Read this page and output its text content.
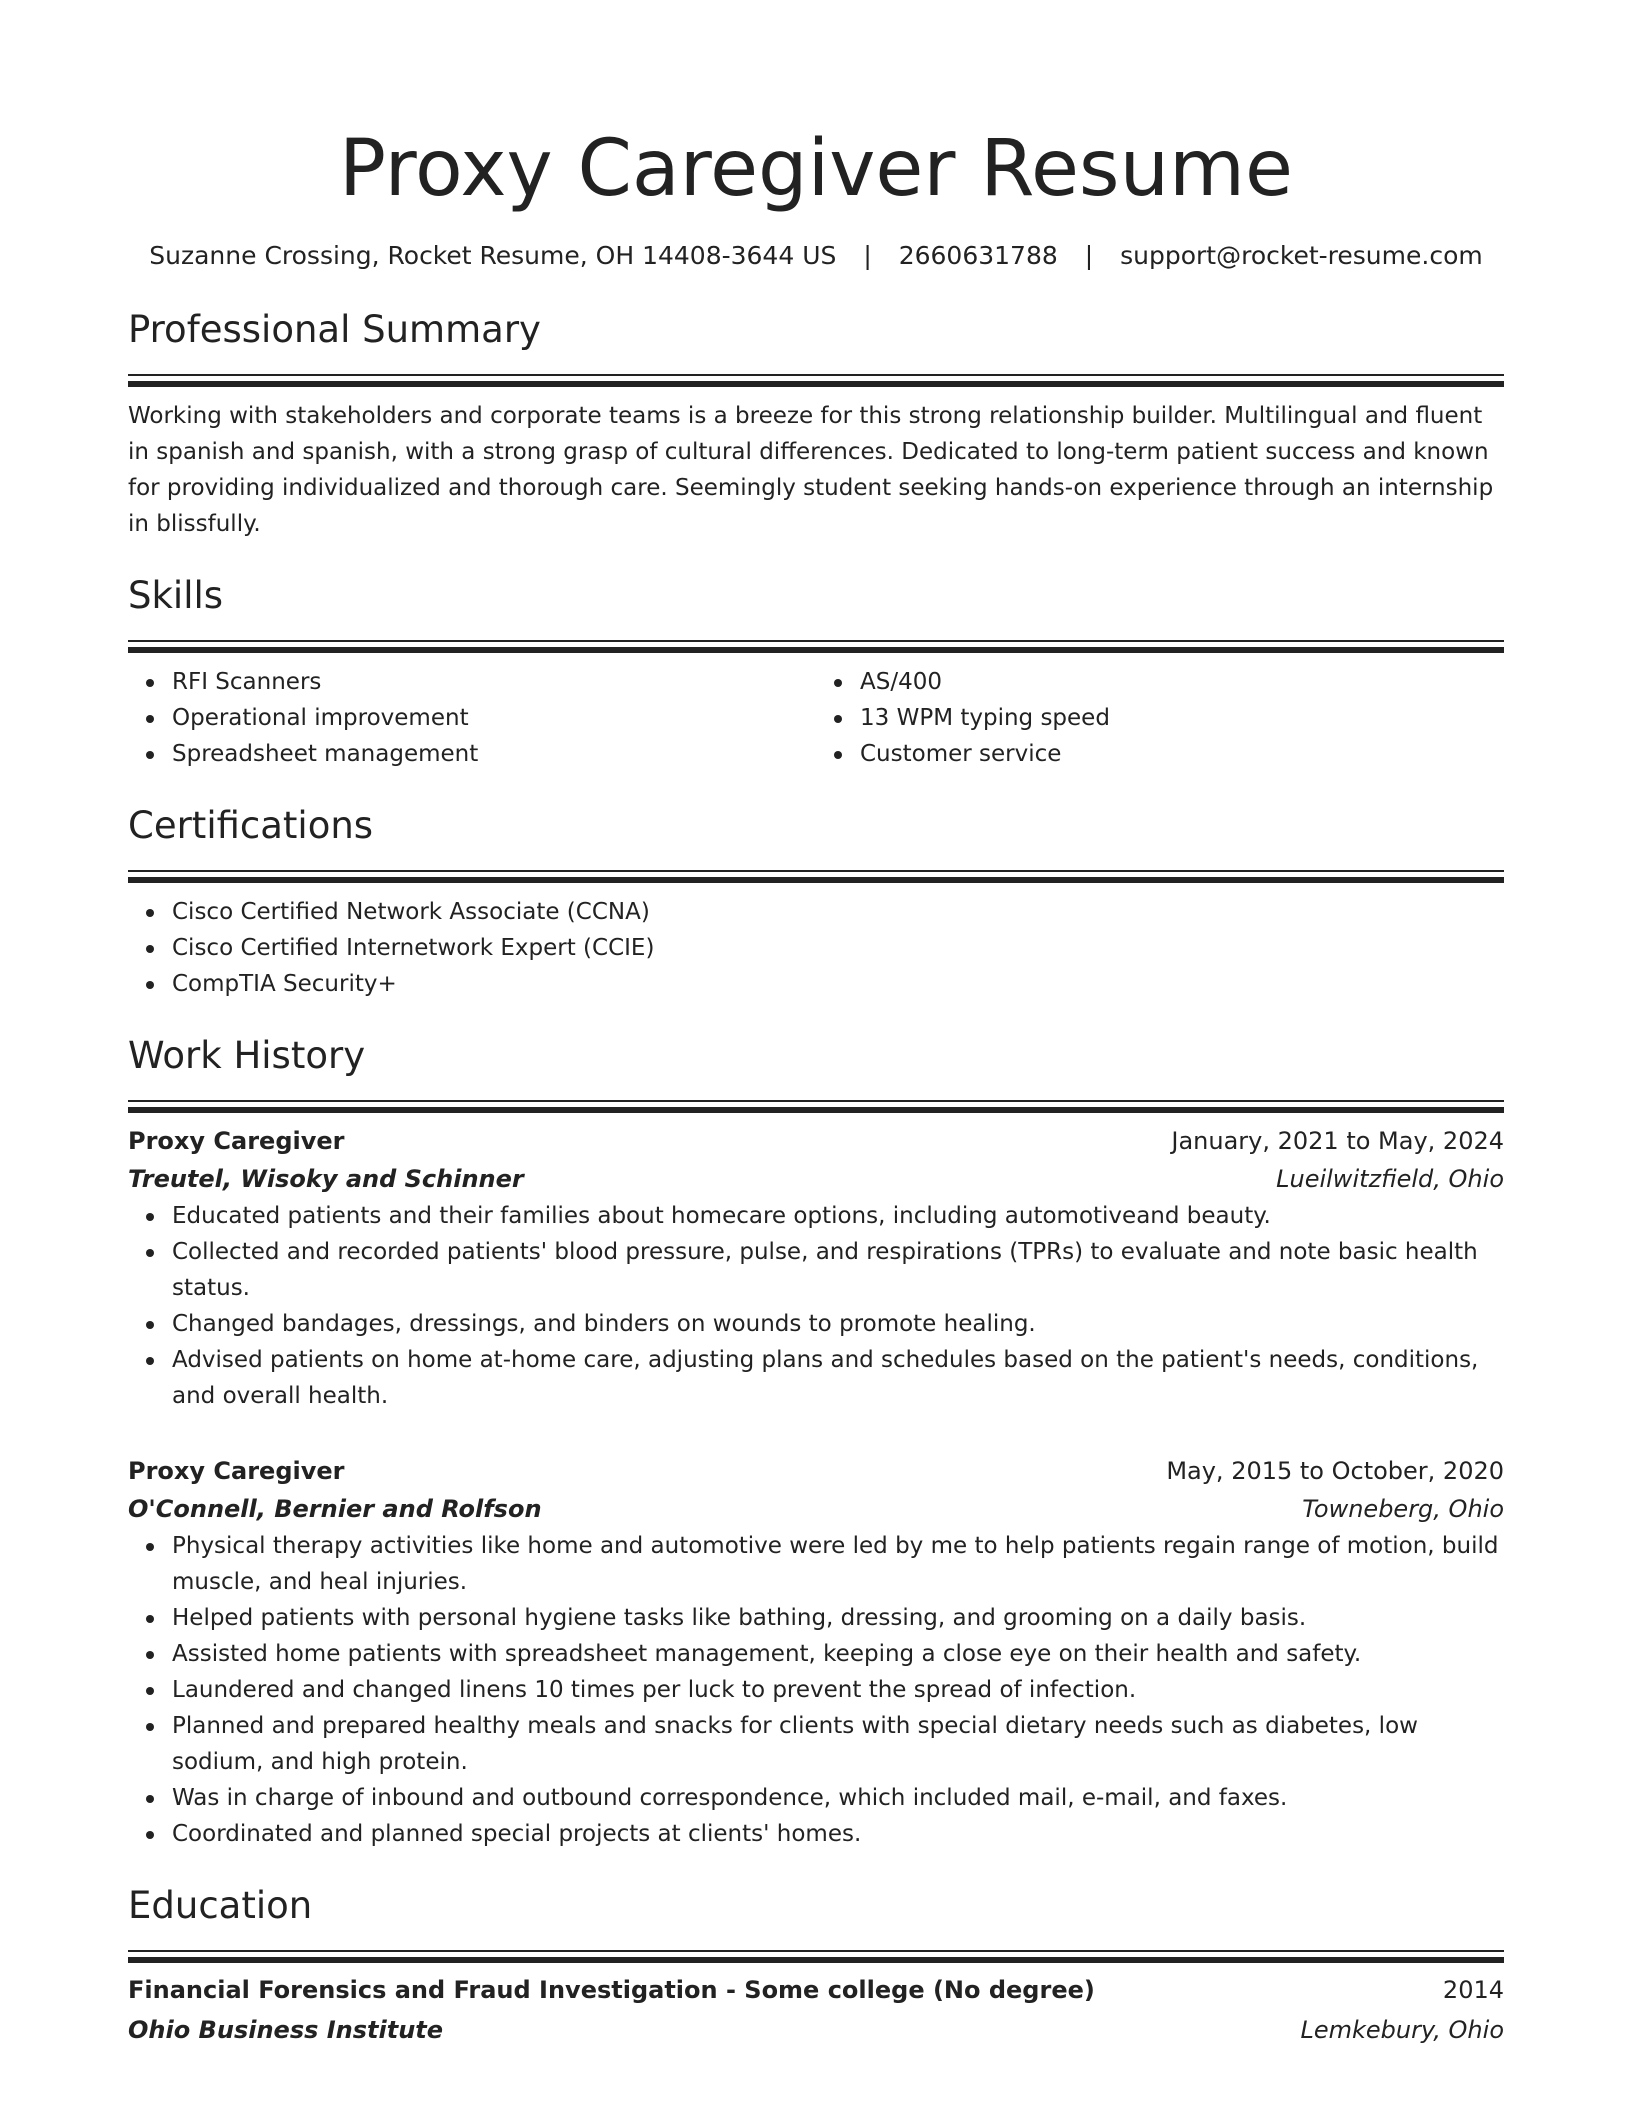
Proxy Caregiver Resume
Suzanne Crossing, Rocket Resume, OH 14408-3644 US | 2660631788 | support@rocket-resume.com
Professional Summary

Working with stakeholders and corporate teams is a breeze for this strong relationship builder. Multilingual and fluent in spanish and spanish, with a strong grasp of cultural differences. Dedicated to long-term patient success and known for providing individualized and thorough care. Seemingly student seeking hands-on experience through an internship in blissfully.

Skills
RFI Scanners
Operational improvement
Spreadsheet management
AS/400
13 WPM typing speed
Customer service
Certifications
Cisco Certified Network Associate (CCNA)
Cisco Certified Internetwork Expert (CCIE)
CompTIA Security+
Work History
Proxy Caregiver	January, 2021 to May, 2024
Treutel, Wisoky and Schinner	Lueilwitzfield, Ohio
Educated patients and their families about homecare options, including automotiveand beauty.
Collected and recorded patients' blood pressure, pulse, and respirations (TPRs) to evaluate and note basic health status.
Changed bandages, dressings, and binders on wounds to promote healing.
Advised patients on home at-home care, adjusting plans and schedules based on the patient's needs, conditions, and overall health.
Proxy Caregiver	May, 2015 to October, 2020
O'Connell, Bernier and Rolfson	Towneberg, Ohio
Physical therapy activities like home and automotive were led by me to help patients regain range of motion, build muscle, and heal injuries.
Helped patients with personal hygiene tasks like bathing, dressing, and grooming on a daily basis.
Assisted home patients with spreadsheet management, keeping a close eye on their health and safety.
Laundered and changed linens 10 times per luck to prevent the spread of infection.
Planned and prepared healthy meals and snacks for clients with special dietary needs such as diabetes, low sodium, and high protein.
Was in charge of inbound and outbound correspondence, which included mail, e-mail, and faxes.
Coordinated and planned special projects at clients' homes.
Education
Financial Forensics and Fraud Investigation - Some college (No degree)	2014
Ohio Business Institute	Lemkebury, Ohio
